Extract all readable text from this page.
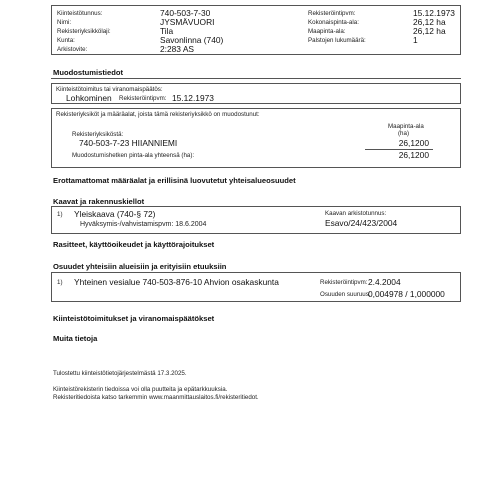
Kiinteistötunnus:	740-503-7-30
Nimi:	JYSMÄVUORI
Rekisteriyksikkölaji:	Tila
Kunta:	Savonlinna (740)
Arkistovite:	2:283 AS
Rekisteröintipvm:	15.12.1973
Kokonaispinta-ala:	26,12 ha
Maapinta-ala:	26,12 ha
Palstojen lukumäärä:	1
Muodostumistiedot
Kiinteistötoimitus tai viranomaispäätös:
Lohkominen Rekisteröintipvm: 15.12.1973
Rekisteriyksiköt ja määräalat, joista tämä rekisteriyksikkö on muodostunut:
Maapinta-ala
(ha)
Rekisteriyksiköstä:
740-503-7-23 HIIANNIEMI	26,1200
Muodostumishetken pinta-ala yhteensä (ha):	26,1200
Erottamattomat määräalat ja erillisinä luovutetut yhteisalueosuudet
Kaavat ja rakennuskiellot
1) Yleiskaava (740-§ 72)
Hyväksymis-/vahvistamispvm: 18.6.2004
Kaavan arkistotunnus:
Esavo/24/423/2004
Rasitteet, käyttöoikeudet ja käyttörajoitukset
Osuudet yhteisiin alueisiin ja erityisiin etuuksiin
1) Yhteinen vesialue 740-503-876-10 Ahvion osakaskunta	Rekisteröintipvm: 2.4.2004
Osuuden suuruus:
0,004978 / 1,000000
Kiinteistötoimitukset ja viranomaispäätökset
Muita tietoja
Tulostettu kiinteistötietojärjestelmästä 17.3.2025.
Kiinteistörekisterin tiedoissa voi olla puutteita ja epätarkkuuksia.
Rekisteritiedoista katso tarkemmin www.maanmittauslaitos.fi/rekisteritiedot.
